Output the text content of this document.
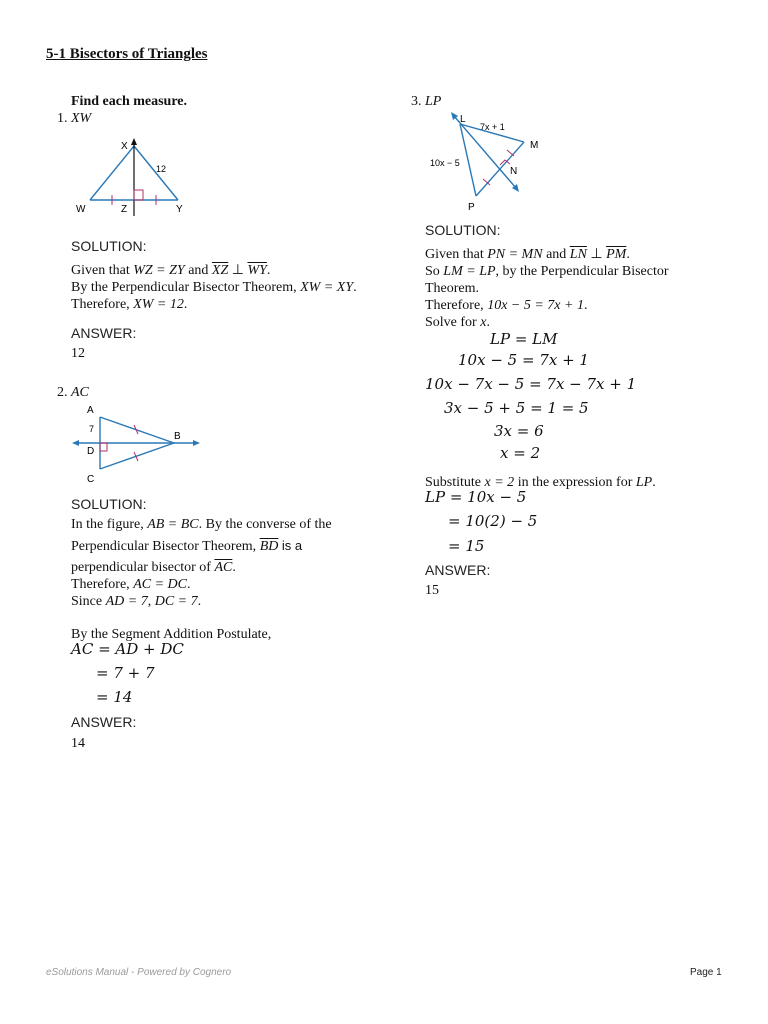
5-1 Bisectors of Triangles
Find each measure.
1. XW
X
12
W	Z	Y
SOLUTION:
Given that WZ = ZY and $\overline{XZ}$ ⊥ $\overline{WY}$.
By the Perpendicular Bisector Theorem, XW = XY.
Therefore, XW = 12.
ANSWER:
12
2. AC
A
7
B
D
C
SOLUTION:
In the figure, AB = BC. By the converse of the
Perpendicular Bisector Theorem, $\overline{BD}$ is a
perpendicular bisector of $\overline{AC}$.
Therefore, AC = DC.
Since AD = 7, DC = 7.
By the Segment Addition Postulate,
AC = AD + DC
= 7 + 7
= 14
ANSWER:
14
3. LP
L
7x + 1
M
10x − 5
N
P
SOLUTION:
Given that PN = MN and $\overline{LN}$ ⊥ $\overline{PM}$.
So LM = LP, by the Perpendicular Bisector
Theorem.
Therefore, 10x − 5 = 7x + 1.
Solve for x.
LP = LM
10x − 5 = 7x + 1
10x − 7x − 5 = 7x − 7x + 1
3x − 5 + 5 = 1 = 5
3x = 6
x = 2
Substitute x = 2 in the expression for LP.
LP = 10x − 5
= 10(2) − 5
= 15
ANSWER:
15
eSolutions Manual - Powered by Cognero	Page 1
